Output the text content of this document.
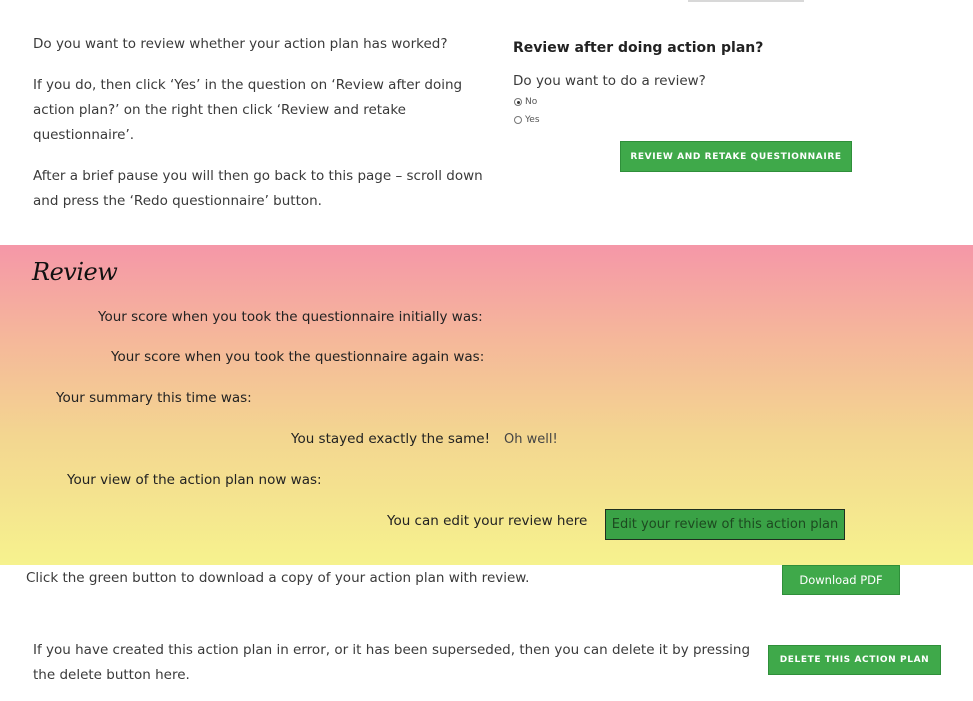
Do you want to review whether your action plan has worked?
If you do, then click ‘Yes’ in the question on ‘Review after doing
action plan?’ on the right then click ‘Review and retake
questionnaire’.
After a brief pause you will then go back to this page – scroll down
and press the ‘Redo questionnaire’ button.
Review after doing action plan?
Do you want to do a review?
No
Yes
REVIEW AND RETAKE QUESTIONNAIRE
Review
Your score when you took the questionnaire initially was:
Your score when you took the questionnaire again was:
Your summary this time was:
You stayed exactly the same! Oh well!
Your view of the action plan now was:
You can edit your review here	Edit your review of this action plan
Click the green button to download a copy of your action plan with review.	Download PDF
If you have created this action plan in error, or it has been superseded, then you can delete it by pressing
the delete button here.
DELETE THIS ACTION PLAN
